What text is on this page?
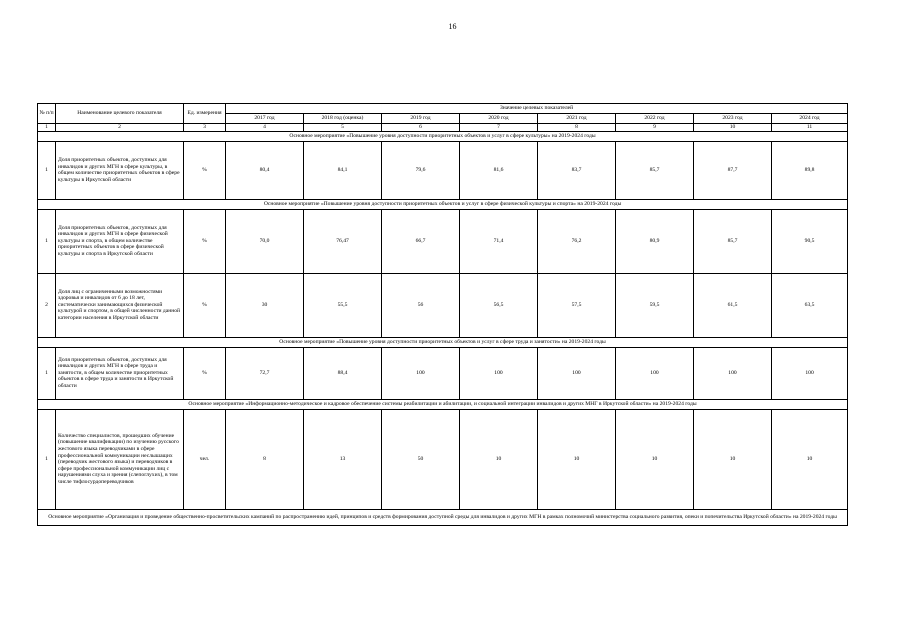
16
№ п/п	Наименование целевого показателя	Ед. измерения	Значение целевых показателей							
			2017 год	2018 год (оценка)	2019 год	2020 год	2021 год	2022 год	2023 год	2024 год
1	2	3	4	5	6	7	8	9	10	11
Основное мероприятие «Повышение уровня доступности приоритетных объектов и услуг в сфере культуры» на 2019-2024 годы										
1	Доля приоритетных объектов, доступных для инвалидов и других МГН в сфере культуры, в общем количестве приоритетных объектов в сфере культуры в Иркутской области	%	80,4	84,1	79,6	81,6	83,7	85,7	87,7	89,8
Основное мероприятие «Повышение уровня доступности приоритетных объектов и услуг в сфере физической культуры и спорта» на 2019-2024 годы										
1	Доля приоритетных объектов, доступных для инвалидов и других МГН в сфере физической культуры и спорта, в общем количестве приоритетных объектов в сфере физической культуры и спорта в Иркутской области	%	70,0	76,47	66,7	71,4	76,2	80,9	85,7	90,5
2	Доля лиц с ограниченными возможностями здоровья и инвалидов от 6 до 18 лет, систематически занимающихся физической культурой и спортом, в общей численности данной категории населения в Иркутской области	%	30	55,5	56	56,5	57,5	59,5	61,5	63,5
Основное мероприятие «Повышение уровня доступности приоритетных объектов и услуг в сфере труда и занятости» на 2019-2024 годы										
1	Доля приоритетных объектов, доступных для инвалидов и других МГН в сфере труда и занятости, в общем количестве приоритетных объектов в сфере труда и занятости в Иркутской области	%	72,7	88,4	100	100	100	100	100	100
Основное мероприятие «Информационно-методическое и кадровое обеспечение системы реабилитации и абилитации, и социальной интеграции инвалидов и других МНГ в Иркутской области» на 2019-2024 годы										
1	Количество специалистов, прошедших обучение (повышение квалификации) по изучению русского жестового языка переводчиками в сфере профессиональной коммуникации неслышащих (переводчик жестового языка) и переводчиков в сфере профессиональной коммуникации лиц с нарушениями слуха и зрения (слепоглухих), в том числе тифлосурдопереводчиков	чел.	8	13	50	10	10	10	10	10
Основное мероприятие «Организация и проведение общественно-просветительских кампаний по распространению идей, принципов и средств формирования доступной среды для инвалидов и других МГН в рамках полномочий министерства социального развития, опеки и попечительства Иркутской области» на 2019-2024 годы										
